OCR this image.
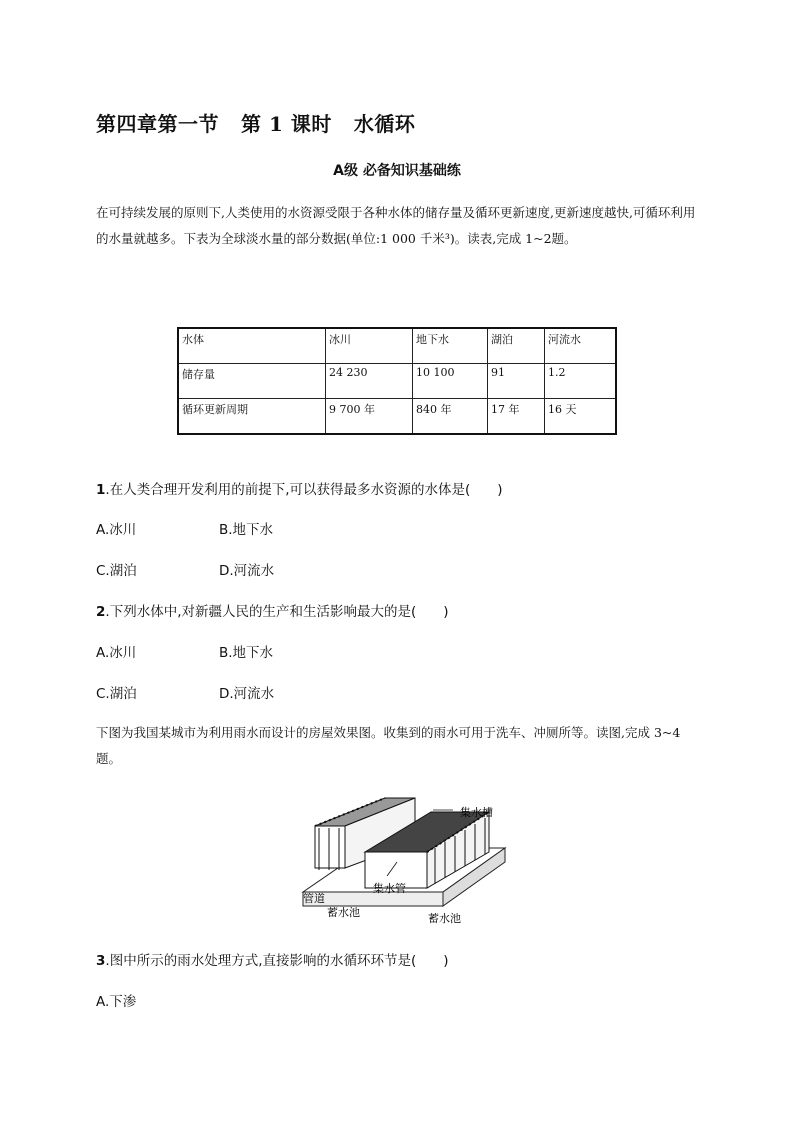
第四章第一节 第 1 课时 水循环
A级 必备知识基础练
在可持续发展的原则下,人类使用的水资源受限于各种水体的储存量及循环更新速度,更新速度越快,可循环利用的水量就越多。下表为全球淡水量的部分数据(单位:1 000 千米³)。读表,完成 1~2题。
水体	冰川	地下水	湖泊	河流水
储存量	24 230	10 100	91	1.2
循环更新周期	9 700 年	840 年	17 年	16 天
1.在人类合理开发利用的前提下,可以获得最多水资源的水体是(　　)
A.冰川	B.地下水
C.湖泊	D.河流水
2.下列水体中,对新疆人民的生产和生活影响最大的是(　　)
A.冰川	B.地下水
C.湖泊	D.河流水
下图为我国某城市为利用雨水而设计的房屋效果图。收集到的雨水可用于洗车、冲厕所等。读图,完成 3~4 题。
集水槽
集水管
管道
蓄水池	蓄水池
3.图中所示的雨水处理方式,直接影响的水循环环节是(　　)
A.下渗
